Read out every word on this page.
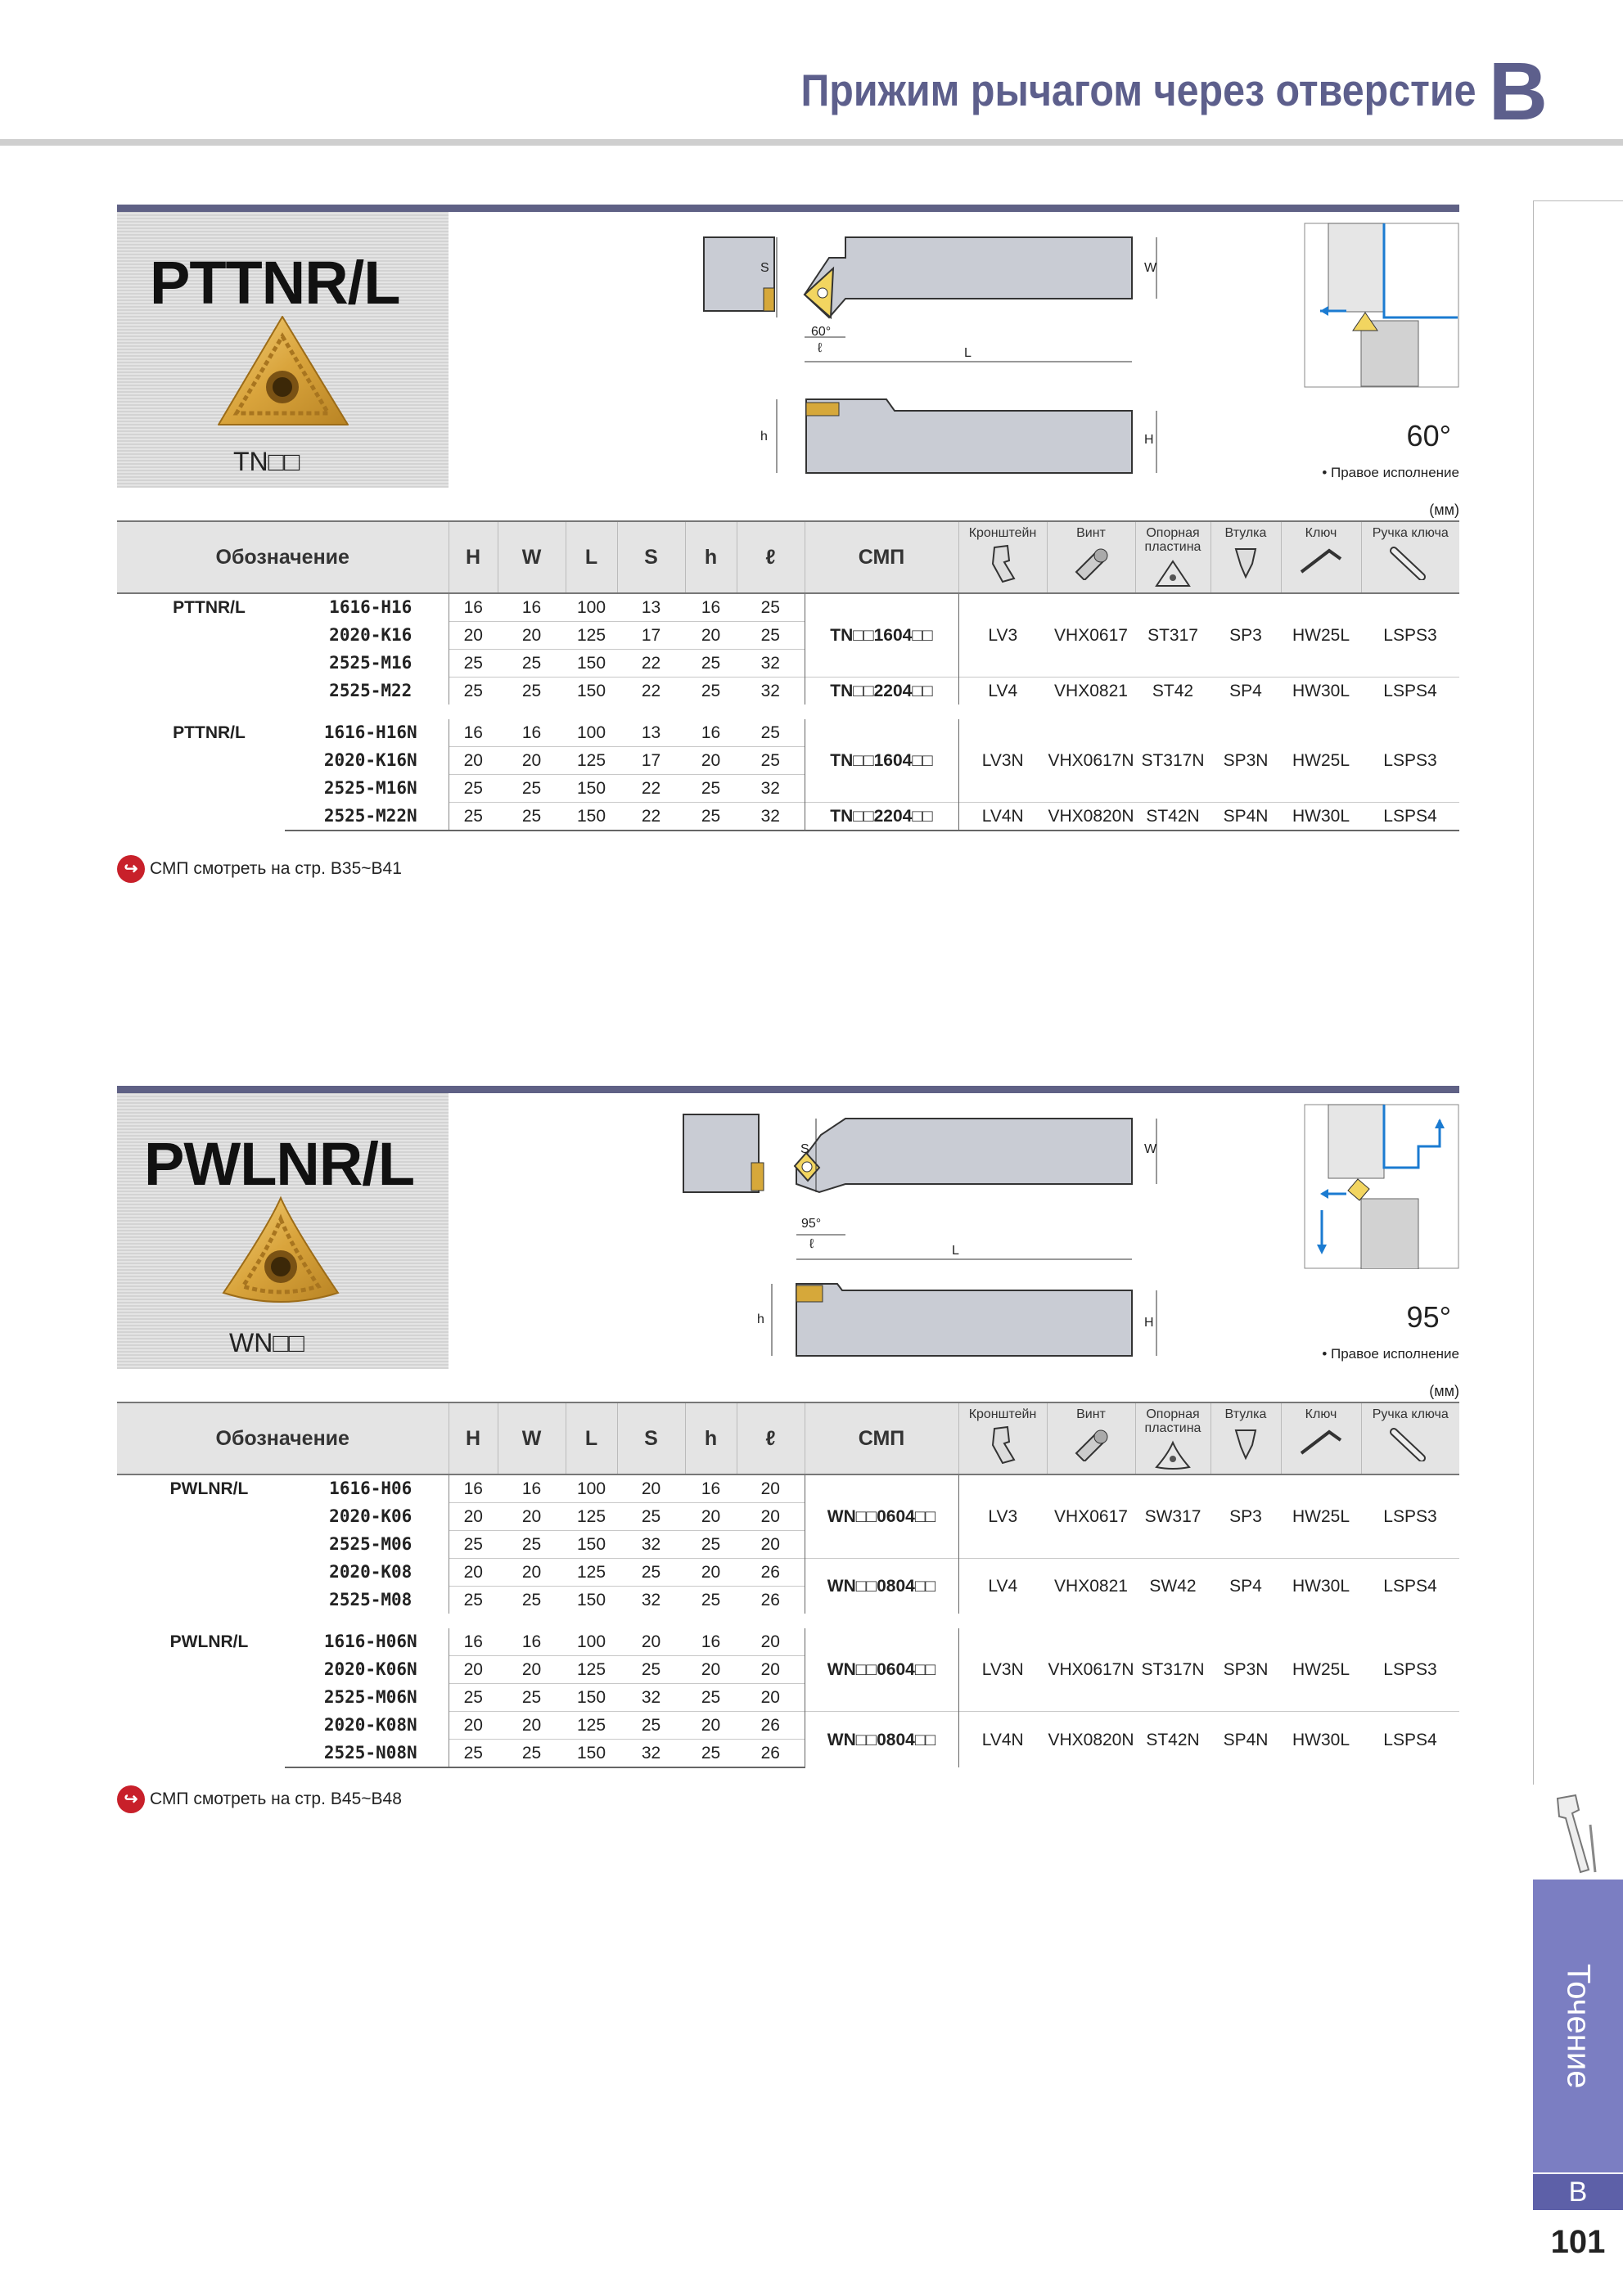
Прижим рычагом через отверстие B
Точение
B
101
PTTNR/L
TN□□
S	W
L
ℓ
60°
h	H	60°
• Правое исполнение
(мм)
Обозначение		H	W	L	S	h	ℓ	СМП	Кронштейн	Винт	Опорная пластина	Втулка	Ключ	Ручка ключа

PTTNR/L	1616-H16	16	16	100	13	16	25	TN□□1604□□	LV3	VHX0617	ST317	SP3	HW25L	LSPS3
	2020-K16	20	20	125	17	20	25							
	2525-M16	25	25	150	22	25	32							
	2525-M22	25	25	150	22	25	32	TN□□2204□□	LV4	VHX0821	ST42	SP4	HW30L	LSPS4
PTTNR/L	1616-H16N	16	16	100	13	16	25	TN□□1604□□	LV3N	VHX0617N	ST317N	SP3N	HW25L	LSPS3
	2020-K16N	20	20	125	17	20	25							
	2525-M16N	25	25	150	22	25	32							
	2525-M22N	25	25	150	22	25	32	TN□□2204□□	LV4N	VHX0820N	ST42N	SP4N	HW30L	LSPS4
↪ СМП смотреть на стр. B35~B41
PWLNR/L
WN□□
S	W
L
ℓ
95°
h	H	95°
• Правое исполнение
(мм)
Обозначение		H	W	L	S	h	ℓ	СМП	Кронштейн	Винт	Опорная пластина	Втулка	Ключ	Ручка ключа

PWLNR/L	1616-H06	16	16	100	20	16	20	WN□□0604□□	LV3	VHX0617	SW317	SP3	HW25L	LSPS3
	2020-K06	20	20	125	25	20	20							
	2525-M06	25	25	150	32	25	20							
	2020-K08	20	20	125	25	20	26	WN□□0804□□	LV4	VHX0821	SW42	SP4	HW30L	LSPS4
	2525-M08	25	25	150	32	25	26							
PWLNR/L	1616-H06N	16	16	100	20	16	20	WN□□0604□□	LV3N	VHX0617N	ST317N	SP3N	HW25L	LSPS3
	2020-K06N	20	20	125	25	20	20							
	2525-M06N	25	25	150	32	25	20							
	2020-K08N	20	20	125	25	20	26	WN□□0804□□	LV4N	VHX0820N	ST42N	SP4N	HW30L	LSPS4
	2525-N08N	25	25	150	32	25	26							
↪ СМП смотреть на стр. B45~B48
